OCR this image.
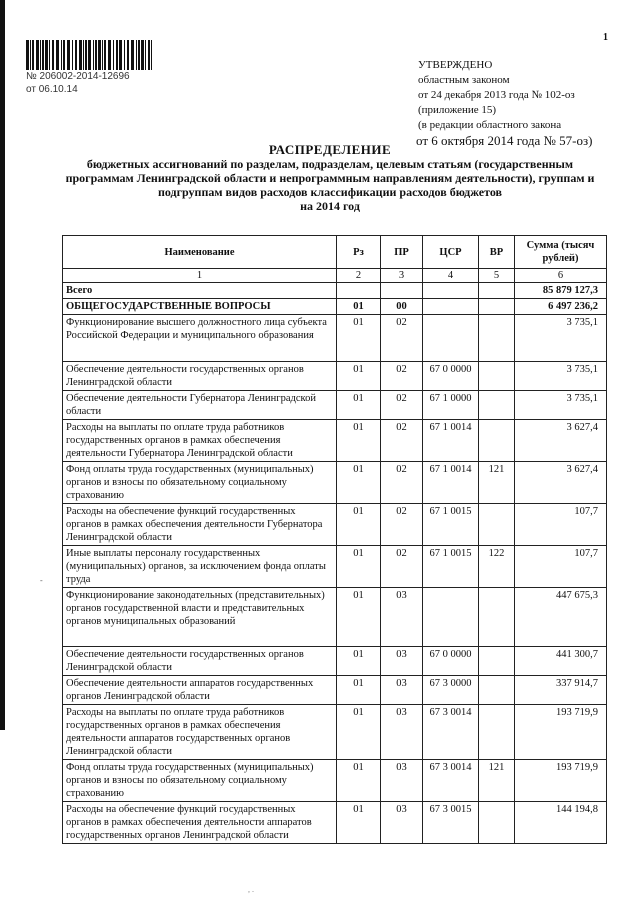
-
№ 206002-2014-12696
от 06.10.14
1
УТВЕРЖДЕНО
областным законом
от 24 декабря 2013 года № 102-оз
(приложение 15)
(в редакции областного закона
от 6 октября 2014 года № 57-оз)
РАСПРЕДЕЛЕНИЕ
бюджетных ассигнований по разделам, подразделам, целевым статьям (государственным
программам Ленинградской области и непрограммным направлениям деятельности), группам и
подгруппам видов расходов классификации расходов бюджетов
на 2014 год
Наименование	Рз	ПР	ЦСР	ВР	Сумма (тысяч рублей)
1	2	3	4	5	6
Всего					85 879 127,3
ОБЩЕГОСУДАРСТВЕННЫЕ ВОПРОСЫ	01	00			6 497 236,2
Функционирование высшего должностного лица субъекта Российской Федерации и муниципального образования	01	02			3 735,1
Обеспечение деятельности государственных органов Ленинградской области	01	02	67 0 0000		3 735,1
Обеспечение деятельности Губернатора Ленинградской области	01	02	67 1 0000		3 735,1
Расходы на выплаты по оплате труда работников государственных органов в рамках обеспечения деятельности Губернатора Ленинградской области	01	02	67 1 0014		3 627,4
Фонд оплаты труда государственных (муниципальных) органов и взносы по обязательному социальному страхованию	01	02	67 1 0014	121	3 627,4
Расходы на обеспечение функций государственных органов в рамках обеспечения деятельности Губернатора Ленинградской области	01	02	67 1 0015		107,7
Иные выплаты персоналу государственных (муниципальных) органов, за исключением фонда оплаты труда	01	02	67 1 0015	122	107,7
Функционирование законодательных (представительных) органов государственной власти и представительных органов муниципальных образований	01	03			447 675,3
Обеспечение деятельности государственных органов Ленинградской области	01	03	67 0 0000		441 300,7
Обеспечение деятельности аппаратов государственных органов Ленинградской области	01	03	67 3 0000		337 914,7
Расходы на выплаты по оплате труда работников государственных органов в рамках обеспечения деятельности аппаратов государственных органов Ленинградской области	01	03	67 3 0014		193 719,9
Фонд оплаты труда государственных (муниципальных) органов и взносы по обязательному социальному страхованию	01	03	67 3 0014	121	193 719,9
Расходы на обеспечение функций государственных органов в рамках обеспечения деятельности аппаратов государственных органов Ленинградской области	01	03	67 3 0015		144 194,8
, .
